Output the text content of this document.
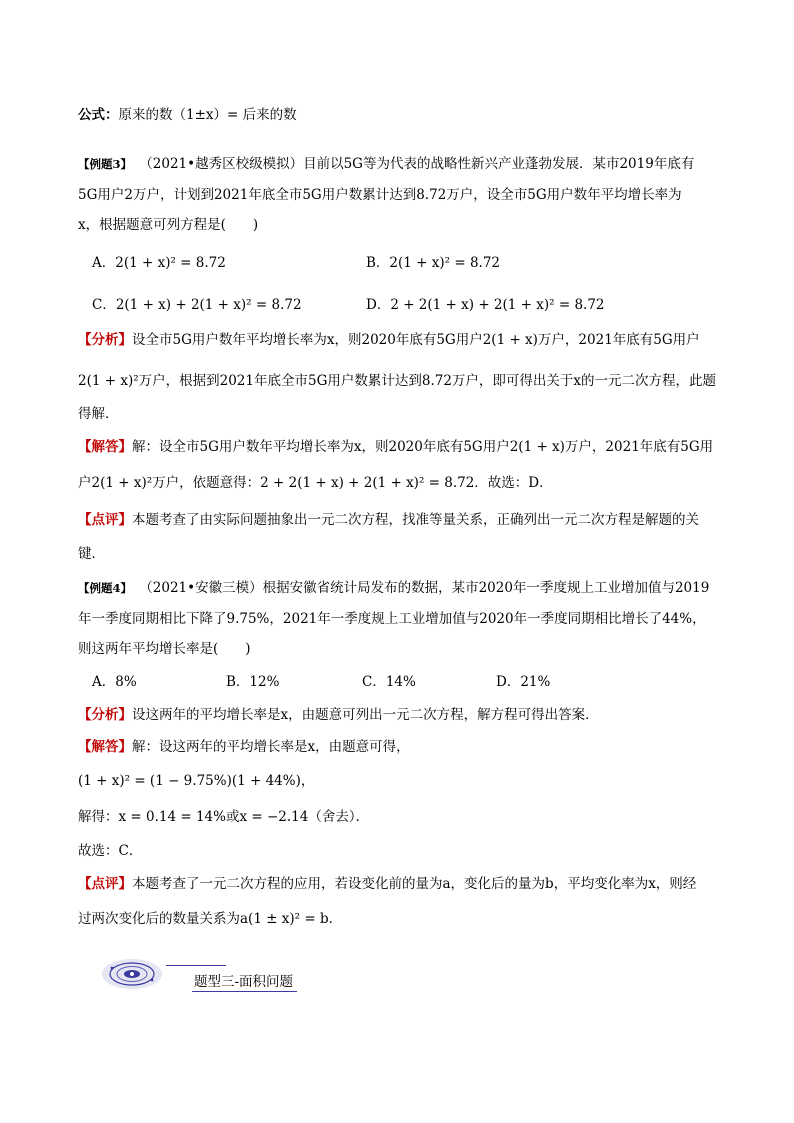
公式：原来的数（1±x）= 后来的数
【例题3】 （2021•越秀区校级模拟）目前以5G等为代表的战略性新兴产业蓬勃发展．某市2019年底有
5G用户2万户，计划到2021年底全市5G用户数累计达到8.72万户，设全市5G用户数年平均增长率为
x，根据题意可列方程是(　　)
A．2(1 + x)² = 8.72	B．2(1 + x)² = 8.72
C．2(1 + x) + 2(1 + x)² = 8.72	D．2 + 2(1 + x) + 2(1 + x)² = 8.72
【分析】设全市5G用户数年平均增长率为x，则2020年底有5G用户2(1 + x)万户，2021年底有5G用户
2(1 + x)²万户，根据到2021年底全市5G用户数累计达到8.72万户，即可得出关于x的一元二次方程，此题
得解．
【解答】解：设全市5G用户数年平均增长率为x，则2020年底有5G用户2(1 + x)万户，2021年底有5G用
户2(1 + x)²万户，依题意得：2 + 2(1 + x) + 2(1 + x)² = 8.72．故选：D．
【点评】本题考查了由实际问题抽象出一元二次方程，找准等量关系，正确列出一元二次方程是解题的关
键．
【例题4】 （2021•安徽三模）根据安徽省统计局发布的数据，某市2020年一季度规上工业增加值与2019
年一季度同期相比下降了9.75%，2021年一季度规上工业增加值与2020年一季度同期相比增长了44%，
则这两年平均增长率是(　　)
A．8%	B．12%	C．14%	D．21%
【分析】设这两年的平均增长率是x，由题意可列出一元二次方程，解方程可得出答案．
【解答】解：设这两年的平均增长率是x，由题意可得，
(1 + x)² = (1 − 9.75%)(1 + 44%)，
解得：x = 0.14 = 14%或x = −2.14（舍去）．
故选：C．
【点评】本题考查了一元二次方程的应用，若设变化前的量为a，变化后的量为b，平均变化率为x，则经
过两次变化后的数量关系为a(1 ± x)² = b．
题型三-面积问题
